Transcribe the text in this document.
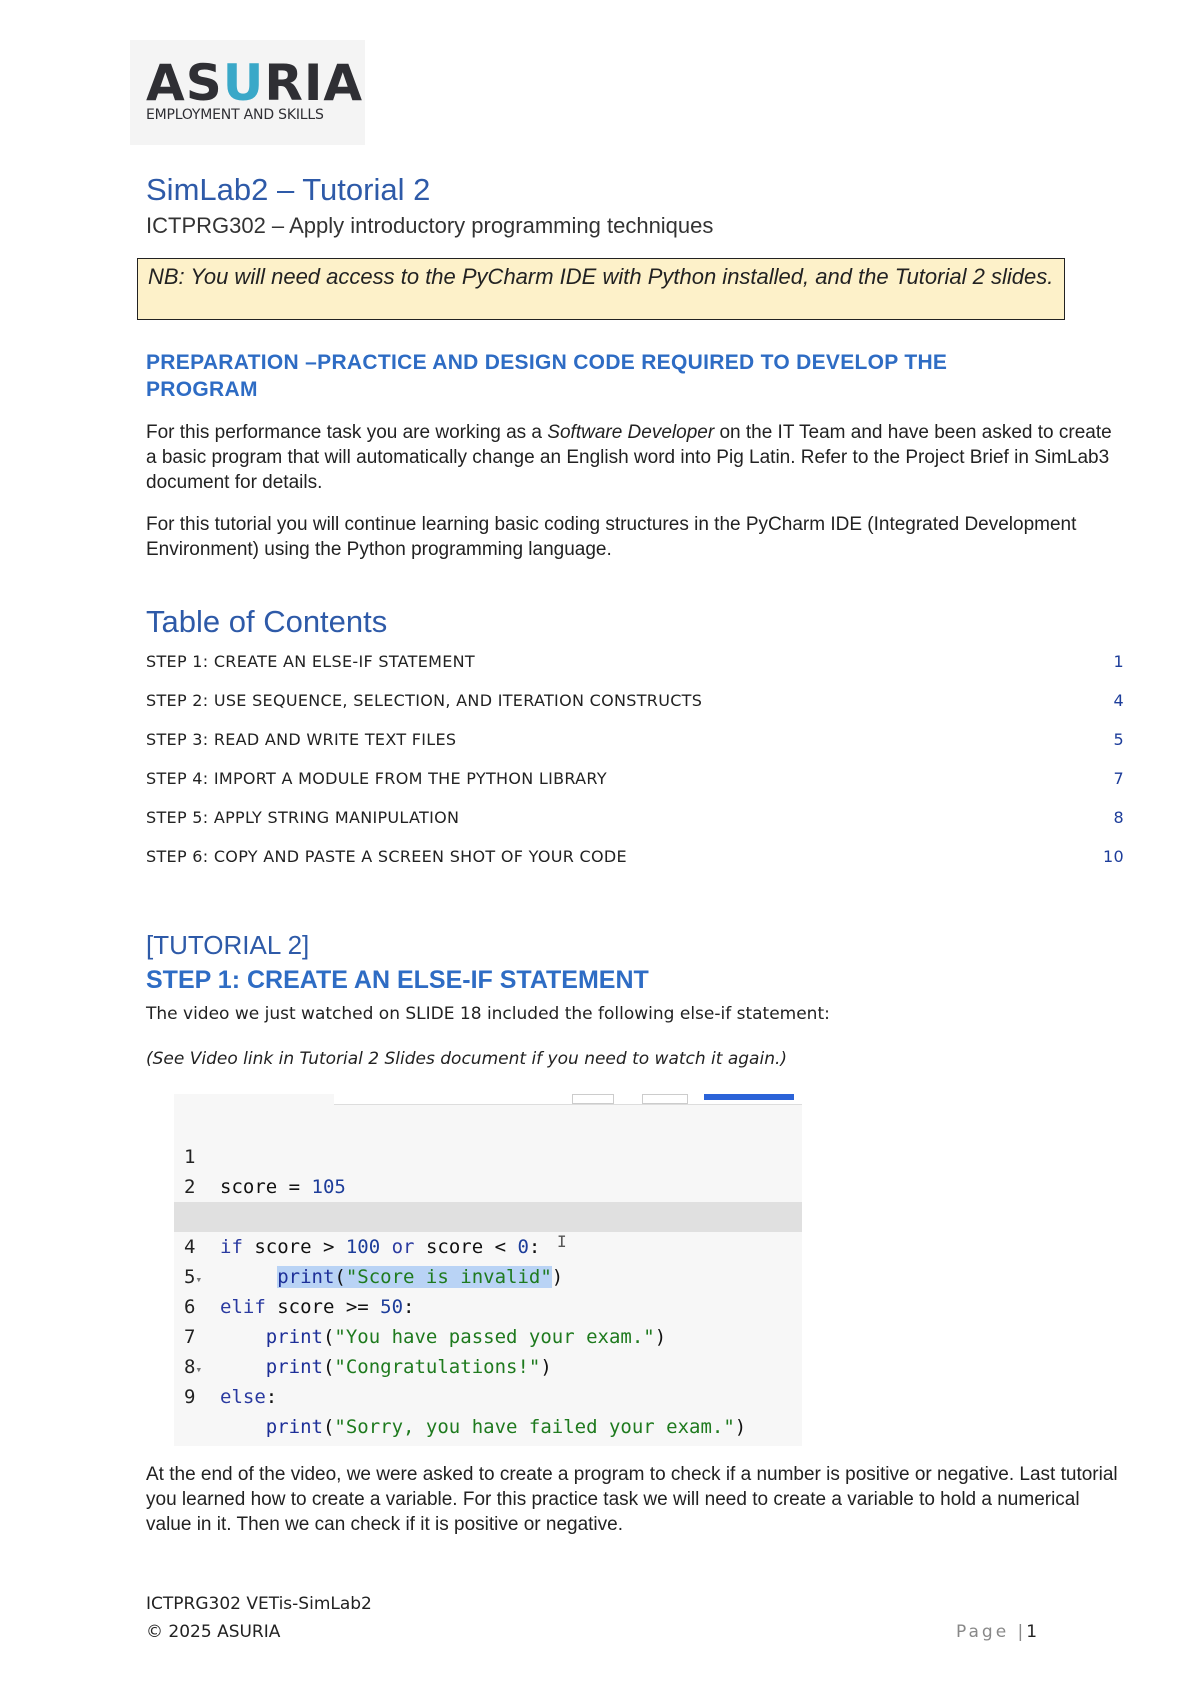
ASURIA
EMPLOYMENT AND SKILLS
SimLab2 – Tutorial 2
ICTPRG302 – Apply introductory programming techniques
NB: You will need access to the PyCharm IDE with Python installed, and the Tutorial 2 slides.
PREPARATION –PRACTICE AND DESIGN CODE REQUIRED TO DEVELOP THE PROGRAM
For this performance task you are working as a Software Developer on the IT Team and have been asked to create a basic program that will automatically change an English word into Pig Latin. Refer to the Project Brief in SimLab3 document for details.
For this tutorial you will continue learning basic coding structures in the PyCharm IDE (Integrated Development Environment) using the Python programming language.
Table of Contents
STEP 1: CREATE AN ELSE-IF STATEMENT	1
STEP 2: USE SEQUENCE, SELECTION, AND ITERATION CONSTRUCTS	4
STEP 3: READ AND WRITE TEXT FILES	5
STEP 4: IMPORT A MODULE FROM THE PYTHON LIBRARY	7
STEP 5: APPLY STRING MANIPULATION	8
STEP 6: COPY AND PASTE A SCREEN SHOT OF YOUR CODE	10
[TUTORIAL 2]
STEP 1: CREATE AN ELSE-IF STATEMENT
The video we just watched on SLIDE 18 included the following else-if statement:
(See Video link in Tutorial 2 Slides document if you need to watch it again.)

1

score = 105

2

score > 100 or score < 0:

4

print("Score is invalid")

5▾

elif score >= 50:

6

print("You have passed your exam.")

7

print("Congratulations!")

8▾

else:

9

print("Sorry, you have failed your exam.")

I
At the end of the video, we were asked to create a program to check if a number is positive or negative. Last tutorial you learned how to create a variable. For this practice task we will need to create a variable to hold a numerical value in it. Then we can check if it is positive or negative.
ICTPRG302 VETis-SimLab2
© 2025 ASURIA	Page |1
